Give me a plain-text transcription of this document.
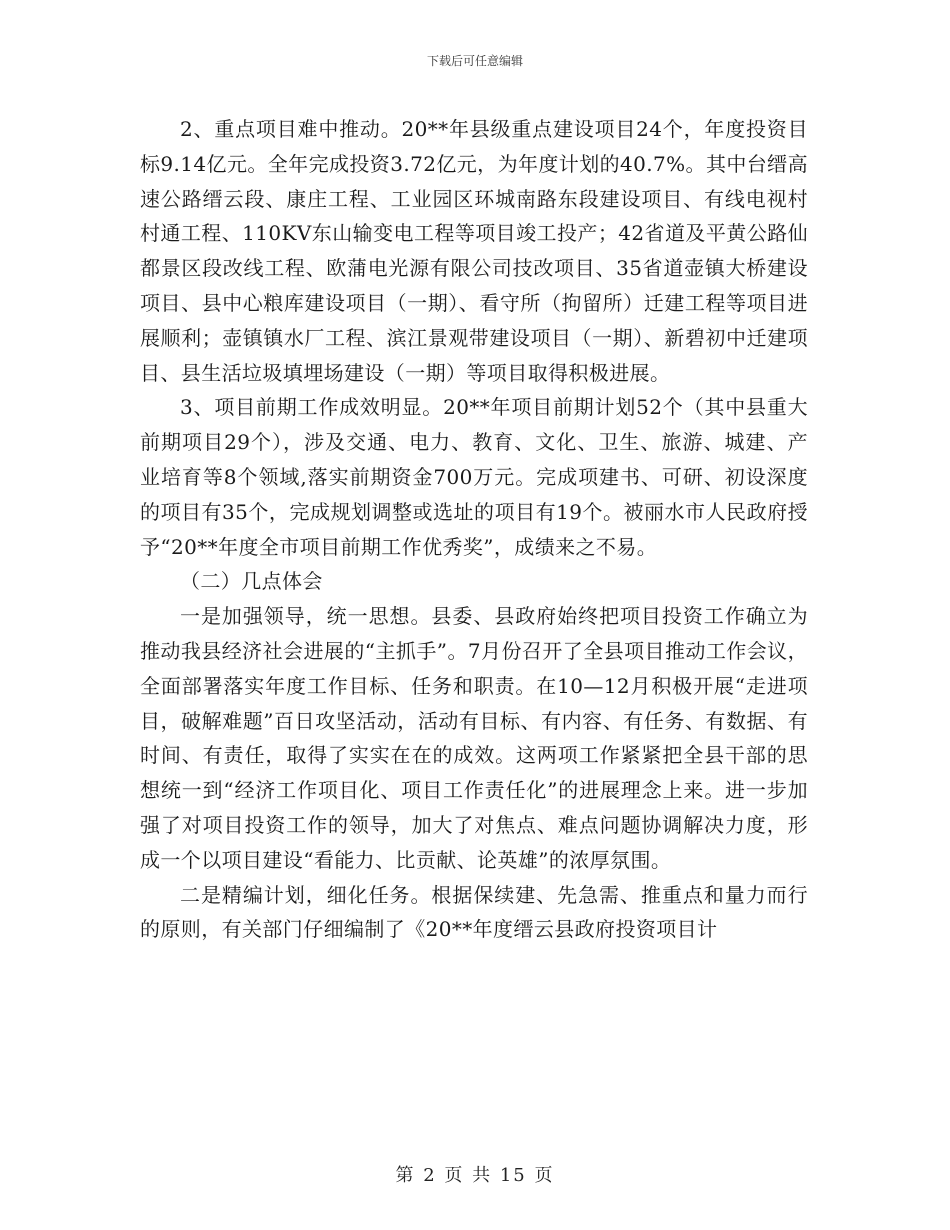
下载后可任意编辑

2、重点项目难中推动。20**年县级重点建设项目24个，年度投资目标9.14亿元。全年完成投资3.72亿元，为年度计划的40.7%。其中台缙高速公路缙云段、康庄工程、工业园区环城南路东段建设项目、有线电视村村通工程、110KV东山输变电工程等项目竣工投产；42省道及平黄公路仙都景区段改线工程、欧蒲电光源有限公司技改项目、35省道壶镇大桥建设项目、县中心粮库建设项目（一期）、看守所（拘留所）迁建工程等项目进展顺利；壶镇镇水厂工程、滨江景观带建设项目（一期）、新碧初中迁建项目、县生活垃圾填埋场建设（一期）等项目取得积极进展。

3、项目前期工作成效明显。20**年项目前期计划52个（其中县重大前期项目29个），涉及交通、电力、教育、文化、卫生、旅游、城建、产业培育等8个领域,落实前期资金700万元。完成项建书、可研、初设深度的项目有35个，完成规划调整或选址的项目有19个。被丽水市人民政府授予“20**年度全市项目前期工作优秀奖”，成绩来之不易。

（二）几点体会

一是加强领导，统一思想。县委、县政府始终把项目投资工作确立为推动我县经济社会进展的“主抓手”。7月份召开了全县项目推动工作会议，全面部署落实年度工作目标、任务和职责。在10—12月积极开展“走进项目，破解难题”百日攻坚活动，活动有目标、有内容、有任务、有数据、有时间、有责任，取得了实实在在的成效。这两项工作紧紧把全县干部的思想统一到“经济工作项目化、项目工作责任化”的进展理念上来。进一步加强了对项目投资工作的领导，加大了对焦点、难点问题协调解决力度，形成一个以项目建设“看能力、比贡献、论英雄”的浓厚氛围。

二是精编计划，细化任务。根据保续建、先急需、推重点和量力而行的原则，有关部门仔细编制了《20**年度缙云县政府投资项目计

第 2 页 共 15 页
